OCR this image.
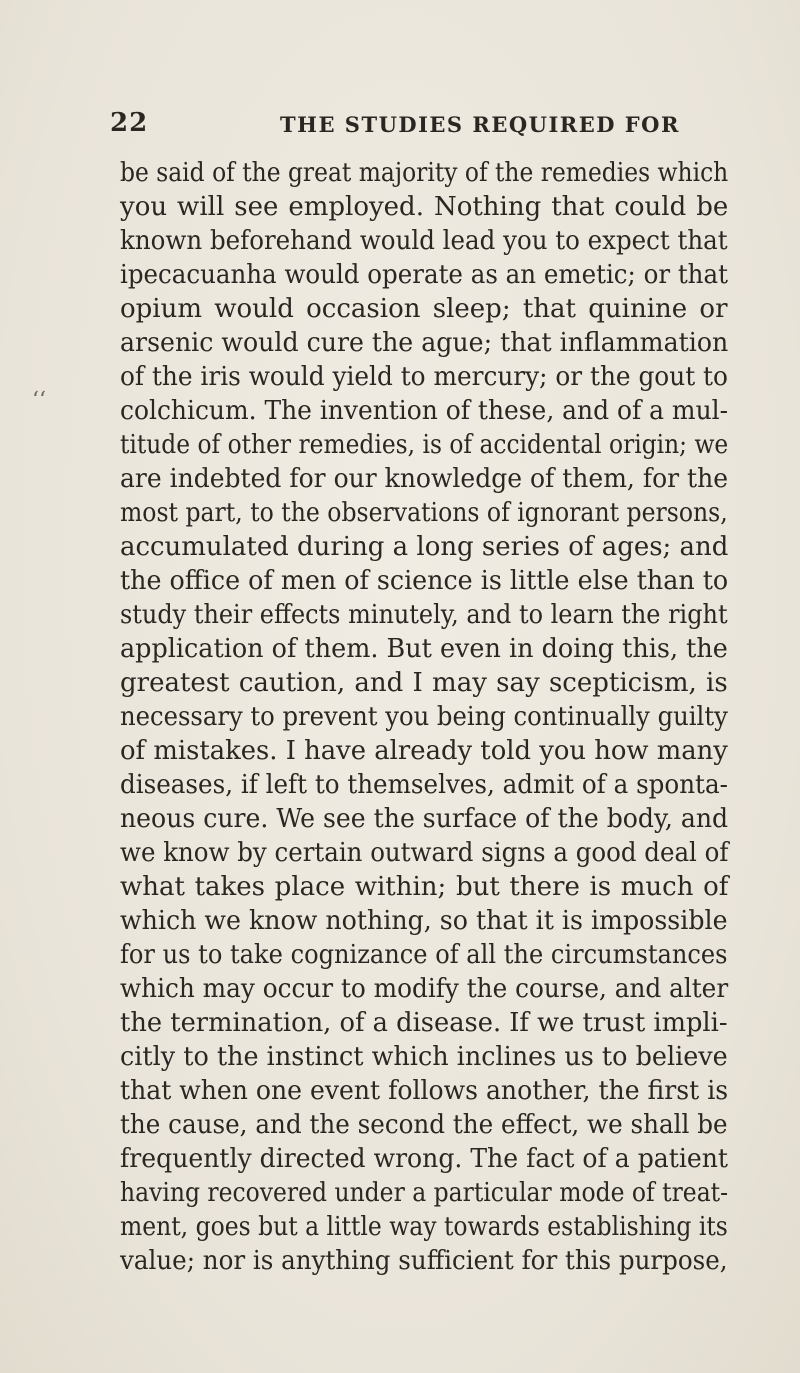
22	THE STUDIES REQUIRED FOR
‘‘
be said of the great majority of the remedies which
you will see employed. Nothing that could be
known beforehand would lead you to expect that
ipecacuanha would operate as an emetic; or that
opium would occasion sleep; that quinine or
arsenic would cure the ague; that inflammation
of the iris would yield to mercury; or the gout to
colchicum. The invention of these, and of a mul-
titude of other remedies, is of accidental origin; we
are indebted for our knowledge of them, for the
most part, to the observations of ignorant persons,
accumulated during a long series of ages; and
the office of men of science is little else than to
study their effects minutely, and to learn the right
application of them. But even in doing this, the
greatest caution, and I may say scepticism, is
necessary to prevent you being continually guilty
of mistakes. I have already told you how many
diseases, if left to themselves, admit of a sponta-
neous cure. We see the surface of the body, and
we know by certain outward signs a good deal of
what takes place within; but there is much of
which we know nothing, so that it is impossible
for us to take cognizance of all the circumstances
which may occur to modify the course, and alter
the termination, of a disease. If we trust impli-
citly to the instinct which inclines us to believe
that when one event follows another, the first is
the cause, and the second the effect, we shall be
frequently directed wrong. The fact of a patient
having recovered under a particular mode of treat-
ment, goes but a little way towards establishing its
value; nor is anything sufficient for this purpose,
